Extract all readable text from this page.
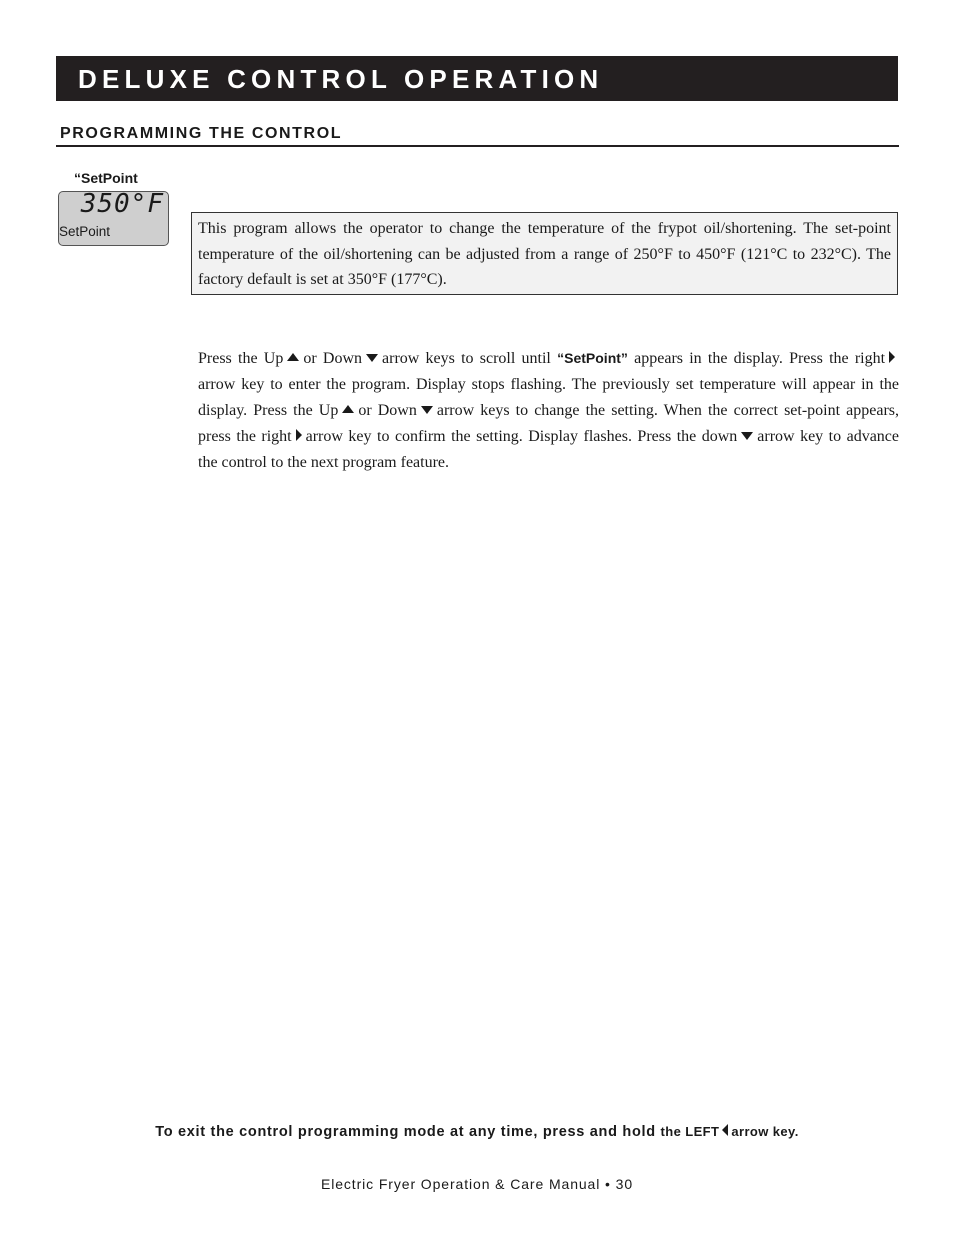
DELUXE CONTROL OPERATION
PROGRAMMING THE CONTROL
“SetPoint
350°F
SetPoint	This program allows the operator to change the temperature of the frypot oil/shortening. The set-point temperature of the oil/shortening can be adjusted from a range of 250°F to 450°F (121°C to 232°C). The factory default is set at 350°F (177°C).

Press the Up or Down arrow keys to scroll until “SetPoint” appears in the display. Press the rightarrow key to enter the program. Display stops flashing. The previously set temperature will appear in the display. Press the Up or Down arrow keys to change the setting. When the correct set-point appears, press the right arrow key to confirm the setting. Display flashes. Press the down arrow key to advance the control to the next program feature.

To exit the control programming mode at any time, press and hold the LEFT arrow key.
Electric Fryer Operation & Care Manual • 30
